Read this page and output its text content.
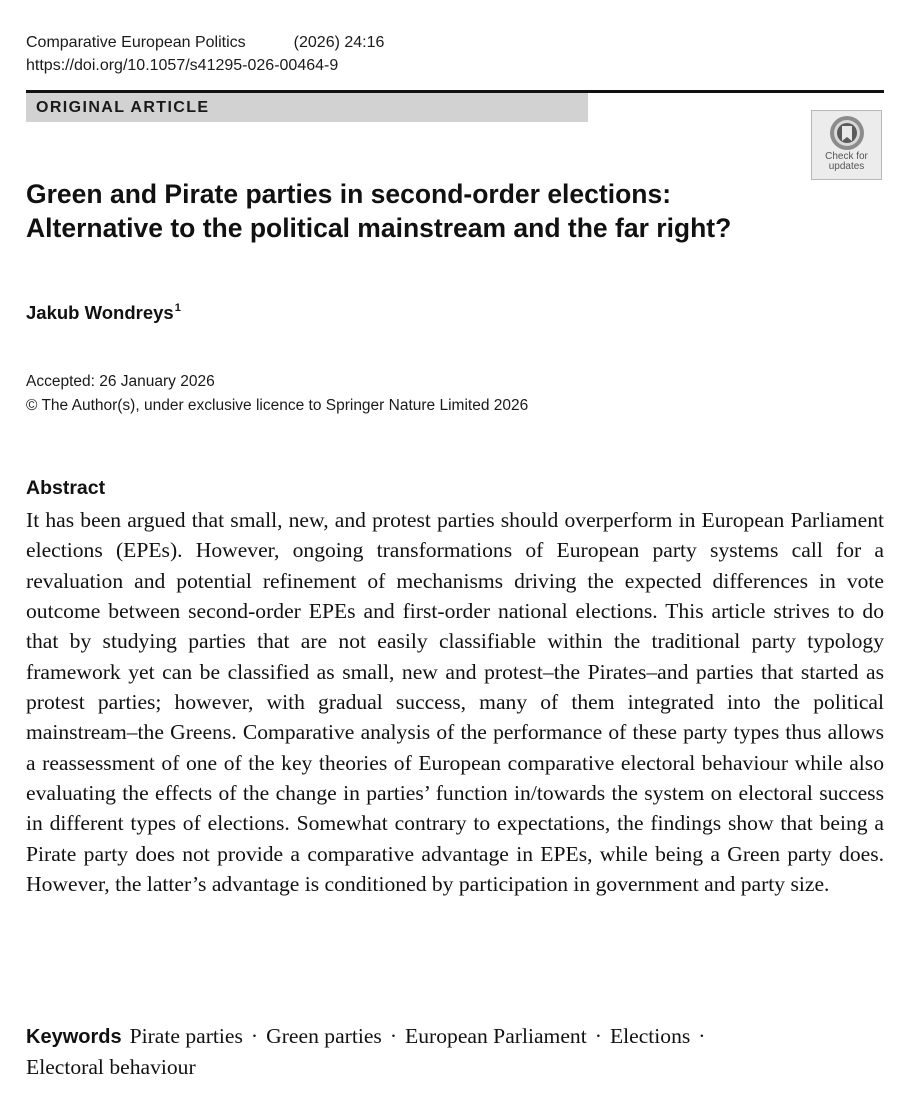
Comparative European Politics	(2026) 24:16
https://doi.org/10.1057/s41295-026-00464-9
ORIGINAL ARTICLE
Check for
updates
Green and Pirate parties in second-order elections:
Alternative to the political mainstream and the far right?
Jakub Wondreys$^1$
Accepted: 26 January 2026
© The Author(s), under exclusive licence to Springer Nature Limited 2026
Abstract

It has been argued that small, new, and protest parties should overperform in European Parliament elections (EPEs). However, ongoing transformations of European party systems call for a revaluation and potential refinement of mechanisms driving the expected differences in vote outcome between second-order EPEs and first-order national elections. This article strives to do that by studying parties that are not easily classifiable within the traditional party typology framework yet can be classified as small, new and protest–the Pirates–and parties that started as protest parties; however, with gradual success, many of them integrated into the political mainstream–the Greens. Comparative analysis of the performance of these party types thus allows a reassessment of one of the key theories of European comparative electoral behaviour while also evaluating the effects of the change in parties’ function in/towards the system on electoral success in different types of elections. Somewhat contrary to expectations, the findings show that being a Pirate party does not provide a comparative advantage in EPEs, while being a Green party does. However, the latter’s advantage is conditioned by participation in government and party size.

Keywords Pirate parties · Green parties · European Parliament · Elections ·
Electoral behaviour
